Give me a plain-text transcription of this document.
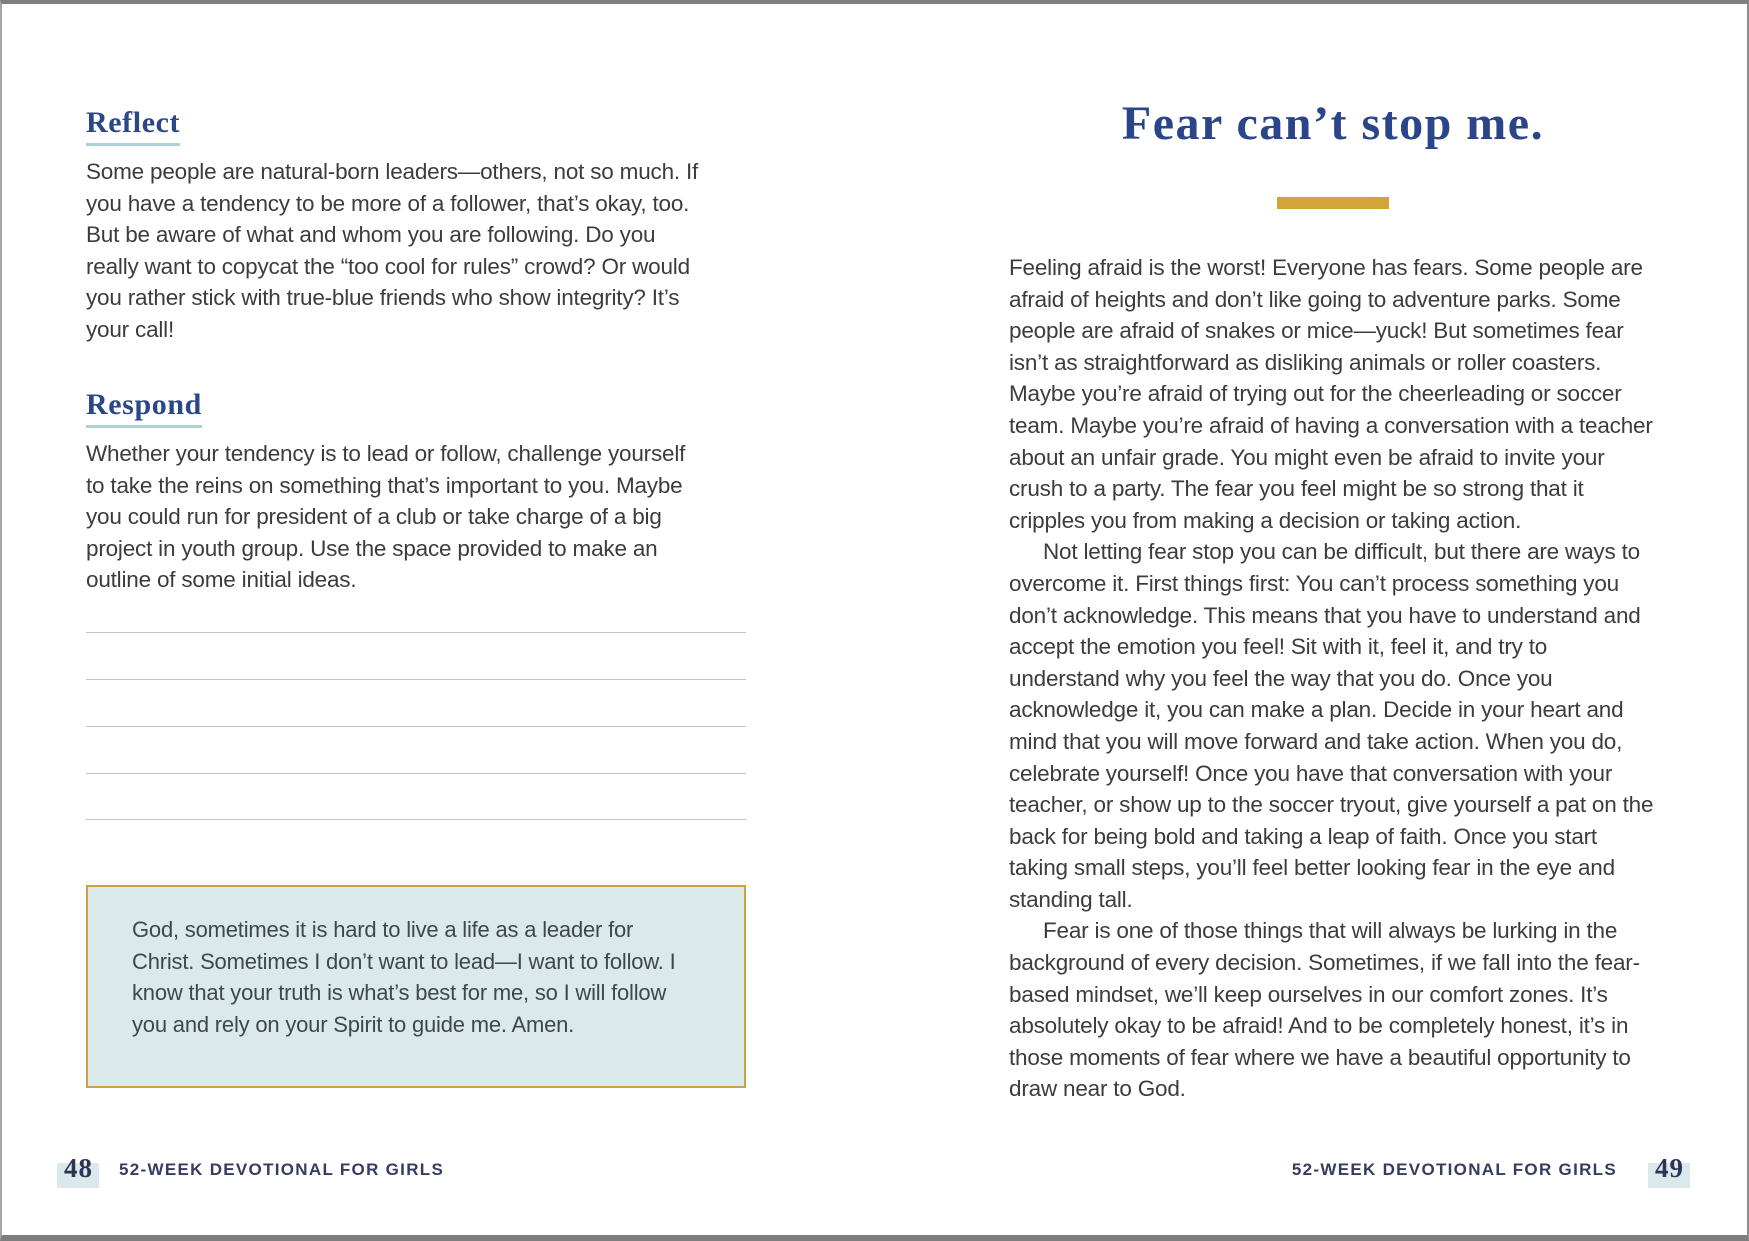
Reflect

Some people are natural-born leaders—others, not so much. If you have a tendency to be more of a follower, that’s okay, too. But be aware of what and whom you are following. Do you really want to copycat the “too cool for rules” crowd? Or would you rather stick with true-blue friends who show integrity? It’s your call!

Respond

Whether your tendency is to lead or follow, challenge yourself to take the reins on something that’s important to you. Maybe you could run for president of a club or take charge of a big project in youth group. Use the space provided to make an outline of some initial ideas.

God, sometimes it is hard to live a life as a leader for Christ. Sometimes I don’t want to lead—I want to follow. I know that your truth is what’s best for me, so I will follow you and rely on your Spirit to guide me. Amen.

Fear can’t stop me.

Feeling afraid is the worst! Everyone has fears. Some people are afraid of heights and don’t like going to adventure parks. Some people are afraid of snakes or mice—yuck! But sometimes fear isn’t as straightforward as disliking animals or roller coasters. Maybe you’re afraid of trying out for the cheerleading or soccer team. Maybe you’re afraid of having a conversation with a teacher about an unfair grade. You might even be afraid to invite your crush to a party. The fear you feel might be so strong that it cripples you from making a decision or taking action.

Not letting fear stop you can be difficult, but there are ways to overcome it. First things first: You can’t process something you don’t acknowledge. This means that you have to understand and accept the emotion you feel! Sit with it, feel it, and try to understand why you feel the way that you do. Once you acknowledge it, you can make a plan. Decide in your heart and mind that you will move forward and take action. When you do, celebrate yourself! Once you have that conversation with your teacher, or show up to the soccer tryout, give yourself a pat on the back for being bold and taking a leap of faith. Once you start taking small steps, you’ll feel better looking fear in the eye and standing tall.

Fear is one of those things that will always be lurking in the background of every decision. Sometimes, if we fall into the fear-based mindset, we’ll keep ourselves in our comfort zones. It’s absolutely okay to be afraid! And to be completely honest, it’s in those moments of fear where we have a beautiful opportunity to draw near to God.

48 52-WEEK DEVOTIONAL FOR GIRLS	52-WEEK DEVOTIONAL FOR GIRLS 49
